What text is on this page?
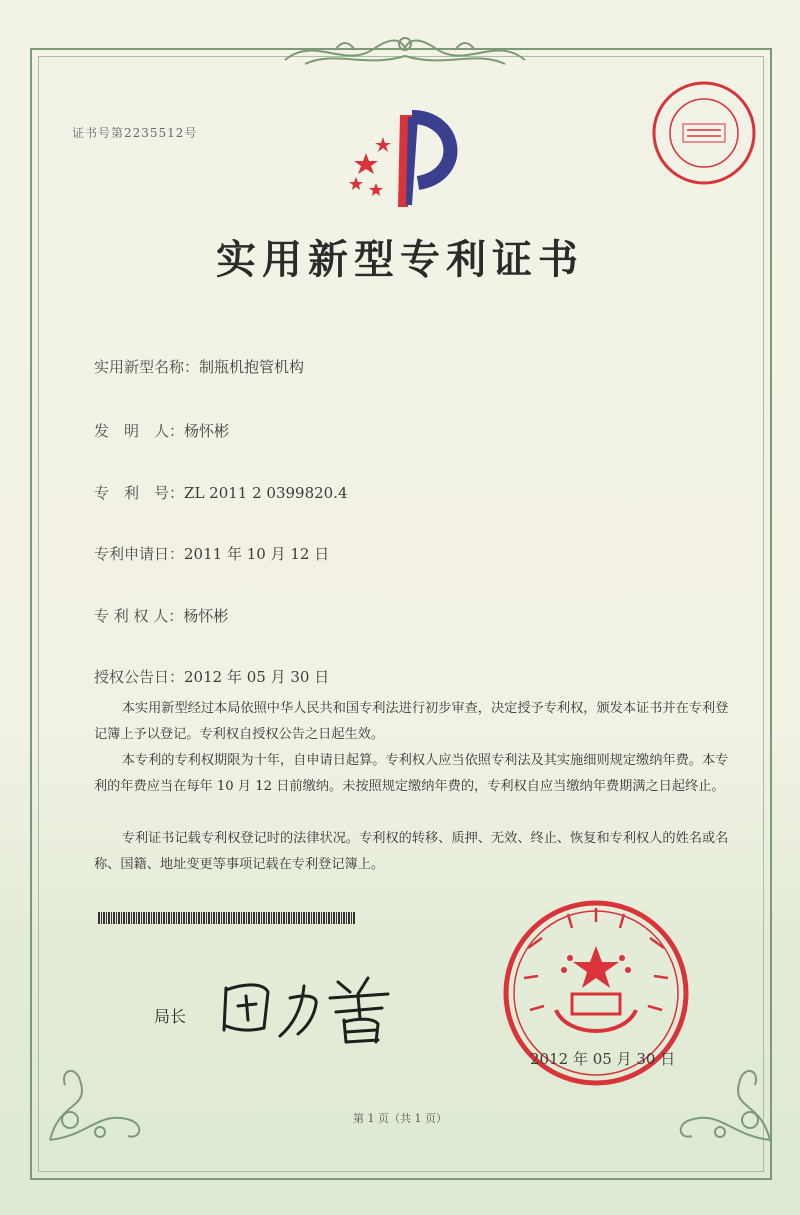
证书号第2235512号
实用新型专利证书
实用新型名称：制瓶机抱管机构
发　明　人：杨怀彬
专　利　号：ZL 2011 2 0399820.4
专利申请日：2011 年 10 月 12 日
专 利 权 人：杨怀彬
授权公告日：2012 年 05 月 30 日
本实用新型经过本局依照中华人民共和国专利法进行初步审查，决定授予专利权，颁发本证书并在专利登记簿上予以登记。专利权自授权公告之日起生效。
本专利的专利权期限为十年，自申请日起算。专利权人应当依照专利法及其实施细则规定缴纳年费。本专利的年费应当在每年 10 月 12 日前缴纳。未按照规定缴纳年费的，专利权自应当缴纳年费期满之日起终止。
专利证书记载专利权登记时的法律状况。专利权的转移、质押、无效、终止、恢复和专利权人的姓名或名称、国籍、地址变更等事项记载在专利登记簿上。
局长
2012 年 05 月 30 日
第 1 页（共 1 页）
